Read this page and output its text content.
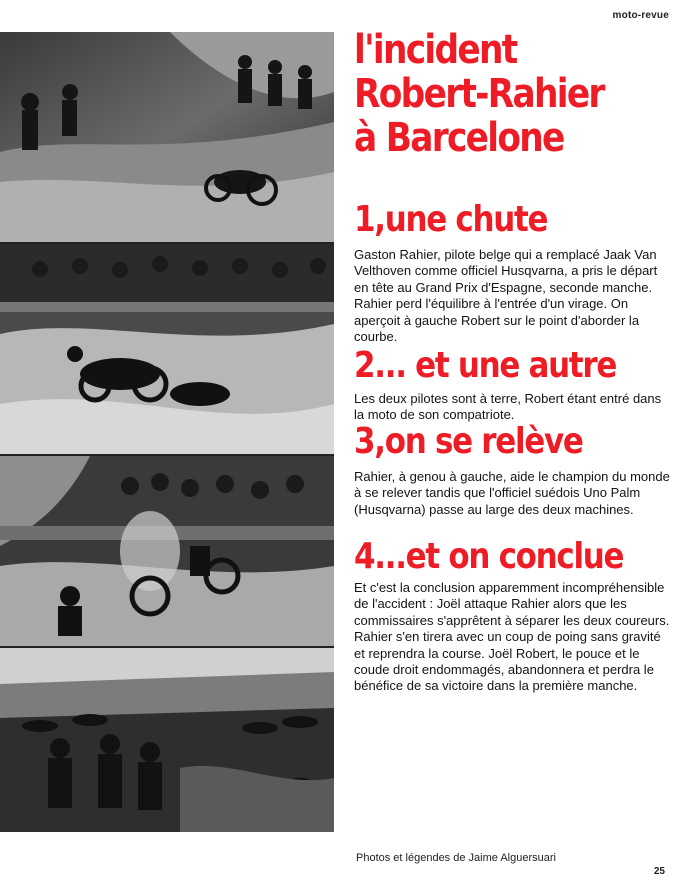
moto-revue
l'incident
Robert-Rahier
à Barcelone
1,une chute

Gaston Rahier, pilote belge qui a remplacé Jaak Van Velthoven comme officiel Husqvarna, a pris le départ en tête au Grand Prix d'Espagne, seconde manche. Rahier perd l'équilibre à l'entrée d'un virage. On aperçoit à gauche Robert sur le point d'aborder la courbe.

2... et une autre

Les deux pilotes sont à terre, Robert étant entré dans la moto de son compatriote.

3,on se relève

Rahier, à genou à gauche, aide le champion du monde à se relever tandis que l'officiel suédois Uno Palm (Husqvarna) passe au large des deux machines.

4...et on conclue

Et c'est la conclusion apparemment incompréhensible de l'accident : Joël attaque Rahier alors que les commissaires s'apprêtent à séparer les deux coureurs. Rahier s'en tirera avec un coup de poing sans gravité et reprendra la course. Joël Robert, le pouce et le coude droit endommagés, abandonnera et perdra le bénéfice de sa victoire dans la première manche.

Photos et légendes de Jaime Alguersuari
25
